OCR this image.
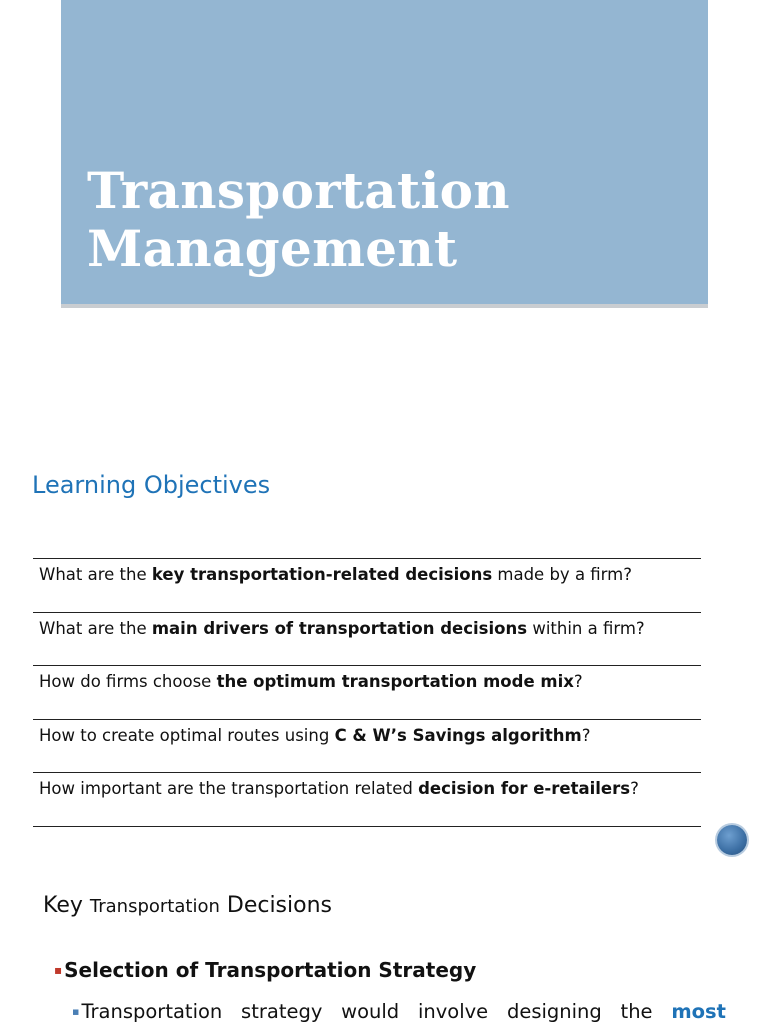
Transportation
Management
Learning Objectives
What are the key transportation-related decisions made by a firm?
What are the main drivers of transportation decisions within a firm?
How do firms choose the optimum transportation mode mix?
How to create optimal routes using C & W’s Savings algorithm?
How important are the transportation related decision for e-retailers?
Key Transportation Decisions
▪ Selection of Transportation Strategy
▪ Transportation strategy would involve designing the most
